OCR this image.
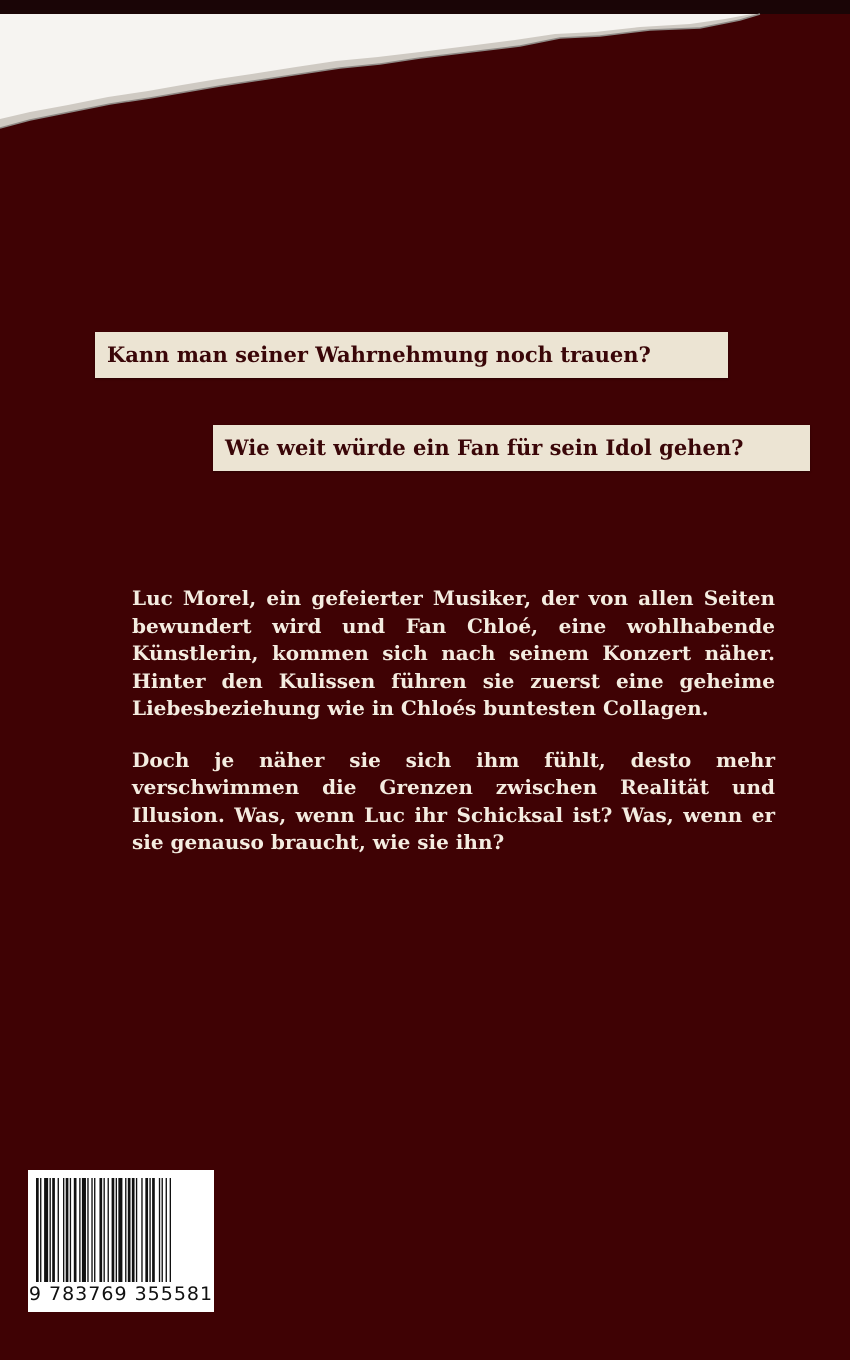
Kann man seiner Wahrnehmung noch trauen?
Wie weit würde ein Fan für sein Idol gehen?

Luc Morel, ein gefeierter Musiker, der von allen Seiten bewundert wird und Fan Chloé, eine wohlhabende Künstlerin, kommen sich nach seinem Konzert näher. Hinter den Kulissen führen sie zuerst eine geheime Liebesbeziehung wie in Chloés buntesten Collagen.

Doch je näher sie sich ihm fühlt, desto mehr verschwimmen die Grenzen zwischen Realität und Illusion. Was, wenn Luc ihr Schicksal ist? Was, wenn er sie genauso braucht, wie sie ihn?

9 783769 355581
